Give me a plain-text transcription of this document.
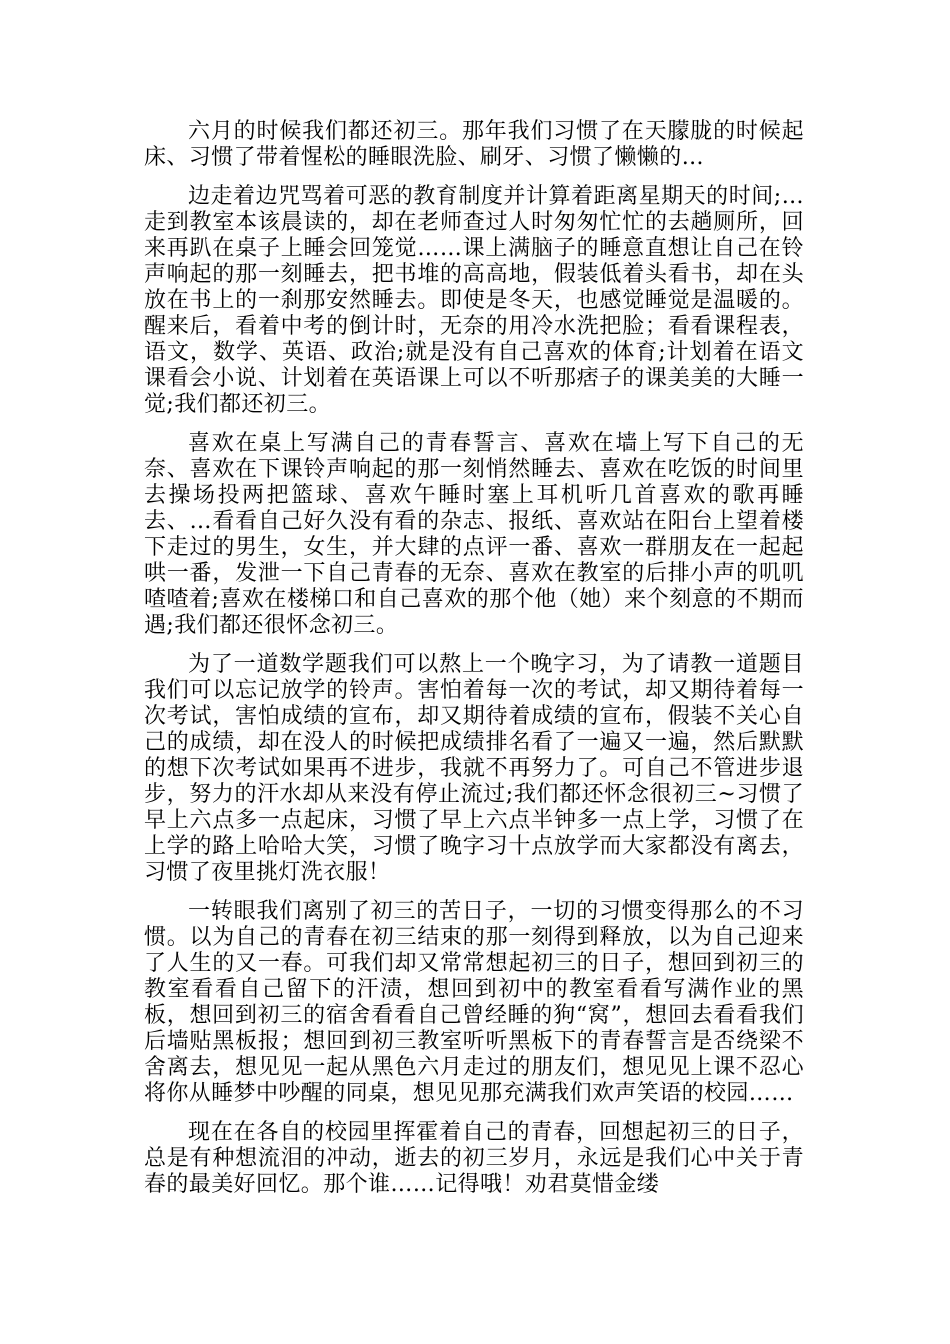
六月的时候我们都还初三。那年我们习惯了在天朦胧的时候起床、习惯了带着惺松的睡眼洗脸、刷牙、习惯了懒懒的…

边走着边咒骂着可恶的教育制度并计算着距离星期天的时间;…走到教室本该晨读的，却在老师查过人时匆匆忙忙的去趟厕所，回来再趴在桌子上睡会回笼觉……课上满脑子的睡意直想让自己在铃声响起的那一刻睡去，把书堆的高高地，假装低着头看书，却在头放在书上的一刹那安然睡去。即使是冬天，也感觉睡觉是温暖的。醒来后，看着中考的倒计时，无奈的用冷水洗把脸；看看课程表，语文，数学、英语、政治;就是没有自己喜欢的体育;计划着在语文课看会小说、计划着在英语课上可以不听那痞子的课美美的大睡一觉;我们都还初三。

喜欢在桌上写满自己的青春誓言、喜欢在墙上写下自己的无奈、喜欢在下课铃声响起的那一刻悄然睡去、喜欢在吃饭的时间里去操场投两把篮球、喜欢午睡时塞上耳机听几首喜欢的歌再睡去、…看看自己好久没有看的杂志、报纸、喜欢站在阳台上望着楼下走过的男生，女生，并大肆的点评一番、喜欢一群朋友在一起起哄一番，发泄一下自己青春的无奈、喜欢在教室的后排小声的叽叽喳喳着;喜欢在楼梯口和自己喜欢的那个他（她）来个刻意的不期而遇;我们都还很怀念初三。

为了一道数学题我们可以熬上一个晚字习，为了请教一道题目我们可以忘记放学的铃声。害怕着每一次的考试，却又期待着每一次考试，害怕成绩的宣布，却又期待着成绩的宣布，假装不关心自己的成绩，却在没人的时候把成绩排名看了一遍又一遍，然后默默的想下次考试如果再不进步，我就不再努力了。可自己不管进步退步，努力的汗水却从来没有停止流过;我们都还怀念很初三~习惯了早上六点多一点起床，习惯了早上六点半钟多一点上学，习惯了在上学的路上哈哈大笑，习惯了晚字习十点放学而大家都没有离去，习惯了夜里挑灯洗衣服！

一转眼我们离别了初三的苦日子，一切的习惯变得那么的不习惯。以为自己的青春在初三结束的那一刻得到释放，以为自己迎来了人生的又一春。可我们却又常常想起初三的日子，想回到初三的教室看看自己留下的汗渍，想回到初中的教室看看写满作业的黑板，想回到初三的宿舍看看自己曾经睡的狗“窝”，想回去看看我们后墙贴黑板报；想回到初三教室听听黑板下的青春誓言是否绕梁不舍离去，想见见一起从黑色六月走过的朋友们，想见见上课不忍心将你从睡梦中吵醒的同桌，想见见那充满我们欢声笑语的校园……

现在在各自的校园里挥霍着自己的青春，回想起初三的日子，总是有种想流泪的冲动，逝去的初三岁月，永远是我们心中关于青春的最美好回忆。那个谁……记得哦！劝君莫惜金缕
